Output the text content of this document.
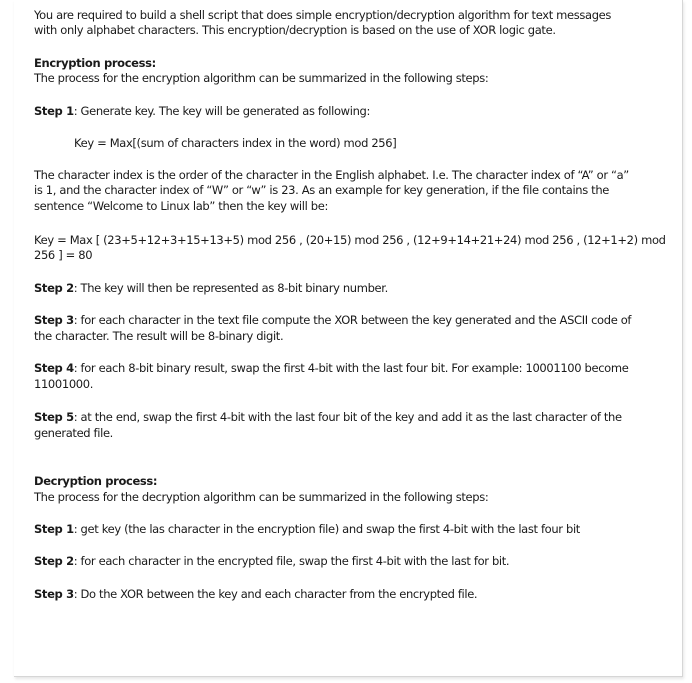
You are required to build a shell script that does simple encryption/decryption algorithm for text messages
with only alphabet characters. This encryption/decryption is based on the use of XOR logic gate.
Encryption process:
The process for the encryption algorithm can be summarized in the following steps:
Step 1: Generate key. The key will be generated as following:
Key = Max[(sum of characters index in the word) mod 256]
The character index is the order of the character in the English alphabet. I.e. The character index of “A” or “a”
is 1, and the character index of “W” or “w” is 23. As an example for key generation, if the file contains the
sentence “Welcome to Linux lab” then the key will be:
Key = Max [ (23+5+12+3+15+13+5) mod 256 , (20+15) mod 256 , (12+9+14+21+24) mod 256 , (12+1+2) mod
256 ] = 80
Step 2: The key will then be represented as 8-bit binary number.
Step 3: for each character in the text file compute the XOR between the key generated and the ASCII code of
the character. The result will be 8-binary digit.
Step 4: for each 8-bit binary result, swap the first 4-bit with the last four bit. For example: 10001100 become
11001000.
Step 5: at the end, swap the first 4-bit with the last four bit of the key and add it as the last character of the
generated file.
Decryption process:
The process for the decryption algorithm can be summarized in the following steps:
Step 1: get key (the las character in the encryption file) and swap the first 4-bit with the last four bit
Step 2: for each character in the encrypted file, swap the first 4-bit with the last for bit.
Step 3: Do the XOR between the key and each character from the encrypted file.
